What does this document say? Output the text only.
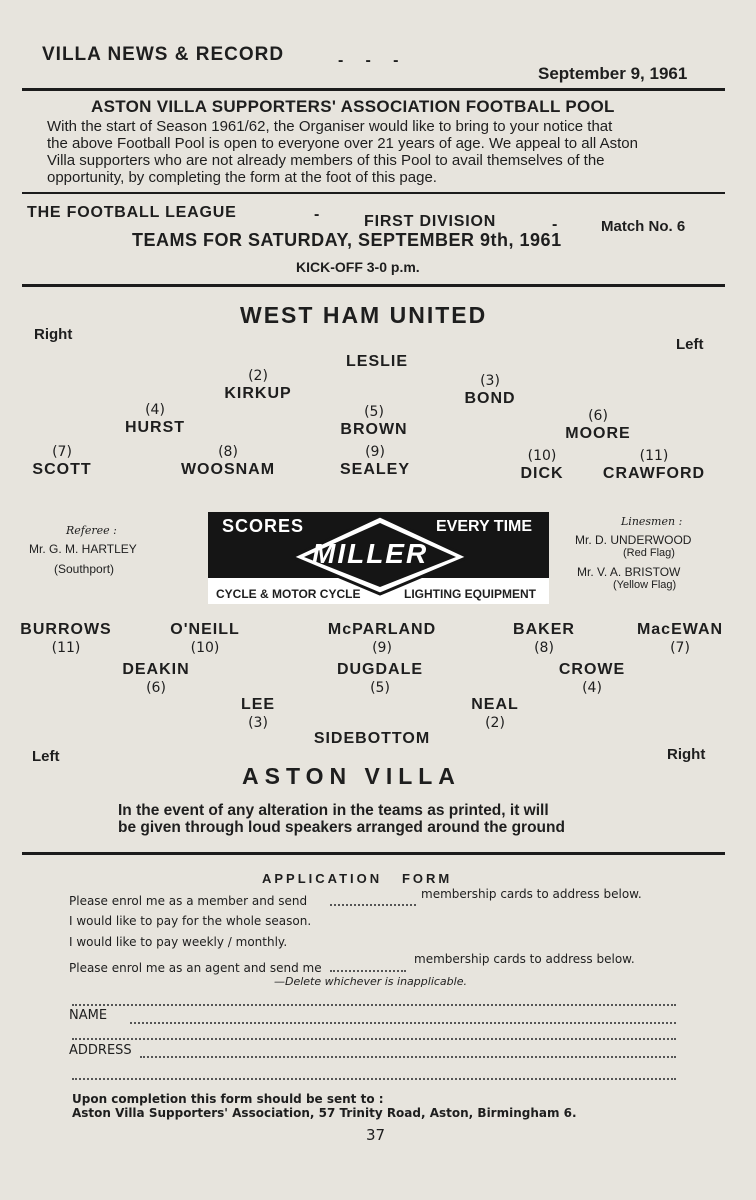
VILLA NEWS & RECORD	-     -     -
September 9, 1961
ASTON VILLA SUPPORTERS' ASSOCIATION FOOTBALL POOL
With the start of Season 1961/62, the Organiser would like to bring to your notice that
the above Football Pool is open to everyone over 21 years of age. We appeal to all Aston
Villa supporters who are not already members of this Pool to avail themselves of the
opportunity, by completing the form at the foot of this page.
THE FOOTBALL LEAGUE	-	FIRST DIVISION	-	Match No. 6
TEAMS FOR SATURDAY, SEPTEMBER 9th, 1961
KICK-OFF 3-0 p.m.
WEST HAM UNITED
Right
Left
LESLIE
(2)
KIRKUP
(3)
BOND
(4)
HURST
(5)
BROWN
(6)
MOORE
(7)
SCOTT
(8)
WOOSNAM
(9)
SEALEY
(10)
DICK
(11)
CRAWFORD
Referee :
Mr. G. M. HARTLEY
(Southport)
Linesmen :
Mr. D. UNDERWOOD
(Red Flag)
Mr. V. A. BRISTOW
(Yellow Flag)
SCORES	EVERY TIME
MILLER
CYCLE & MOTOR CYCLE	LIGHTING EQUIPMENT
BURROWS
(11)
O'NEILL
(10)
McPARLAND
(9)
BAKER
(8)
MacEWAN
(7)
DEAKIN
(6)
DUGDALE
(5)
CROWE
(4)
LEE
(3)
NEAL
(2)
SIDEBOTTOM
Left	Right
ASTON VILLA
In the event of any alteration in the teams as printed, it will
be given through loud speakers arranged around the ground
APPLICATION   FORM
Please enrol me as a member and send	membership cards to address below.
I would like to pay for the whole season.
I would like to pay weekly / monthly.
Please enrol me as an agent and send me
membership cards to address below.
—Delete whichever is inapplicable.
NAME
ADDRESS
Upon completion this form should be sent to :
Aston Villa Supporters' Association, 57 Trinity Road, Aston, Birmingham 6.
37
